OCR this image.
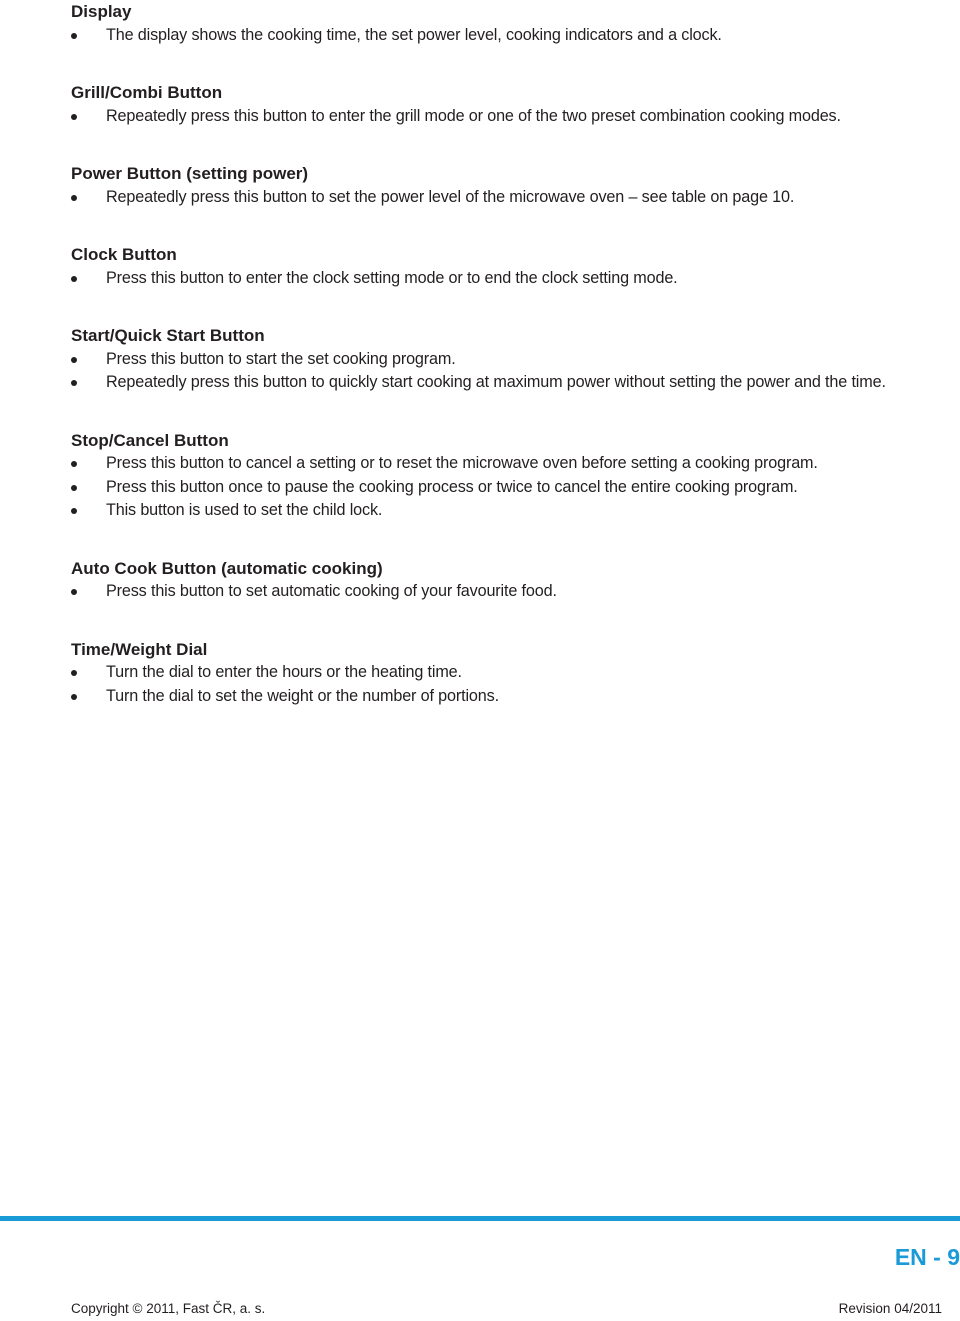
Display
The display shows the cooking time, the set power level, cooking indicators and a clock.
Grill/Combi Button
Repeatedly press this button to enter the grill mode or one of the two preset combination cooking modes.
Power Button (setting power)
Repeatedly press this button to set the power level of the microwave oven – see table on page 10.
Clock Button
Press this button to enter the clock setting mode or to end the clock setting mode.
Start/Quick Start Button
Press this button to start the set cooking program.
Repeatedly press this button to quickly start cooking at maximum power without setting the power and the time.
Stop/Cancel Button
Press this button to cancel a setting or to reset the microwave oven before setting a cooking program.
Press this button once to pause the cooking process or twice to cancel the entire cooking program.
This button is used to set the child lock.
Auto Cook Button (automatic cooking)
Press this button to set automatic cooking of your favourite food.
Time/Weight Dial
Turn the dial to enter the hours or the heating time.
Turn the dial to set the weight or the number of portions.
EN - 9
Copyright © 2011, Fast ČR, a. s.	Revision 04/2011
